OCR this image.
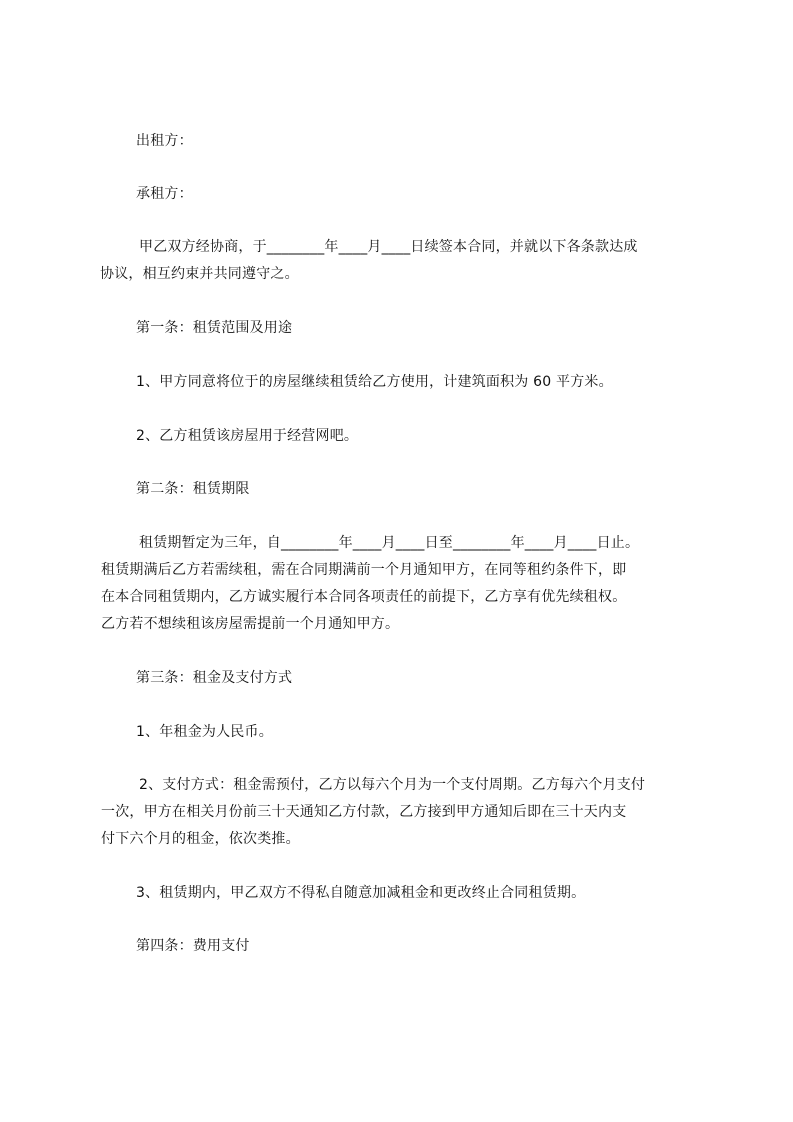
出租方：
承租方：
甲乙双方经协商，于________年____月____日续签本合同，并就以下各条款达成
协议，相互约束并共同遵守之。
第一条：租赁范围及用途
1、甲方同意将位于的房屋继续租赁给乙方使用，计建筑面积为 60 平方米。
2、乙方租赁该房屋用于经营网吧。
第二条：租赁期限
租赁期暂定为三年，自________年____月____日至________年____月____日止。
租赁期满后乙方若需续租，需在合同期满前一个月通知甲方，在同等租约条件下，即
在本合同租赁期内，乙方诚实履行本合同各项责任的前提下，乙方享有优先续租权。
乙方若不想续租该房屋需提前一个月通知甲方。
第三条：租金及支付方式
1、年租金为人民币。
2、支付方式：租金需预付，乙方以每六个月为一个支付周期。乙方每六个月支付
一次，甲方在相关月份前三十天通知乙方付款，乙方接到甲方通知后即在三十天内支
付下六个月的租金，依次类推。
3、租赁期内，甲乙双方不得私自随意加减租金和更改终止合同租赁期。
第四条：费用支付
